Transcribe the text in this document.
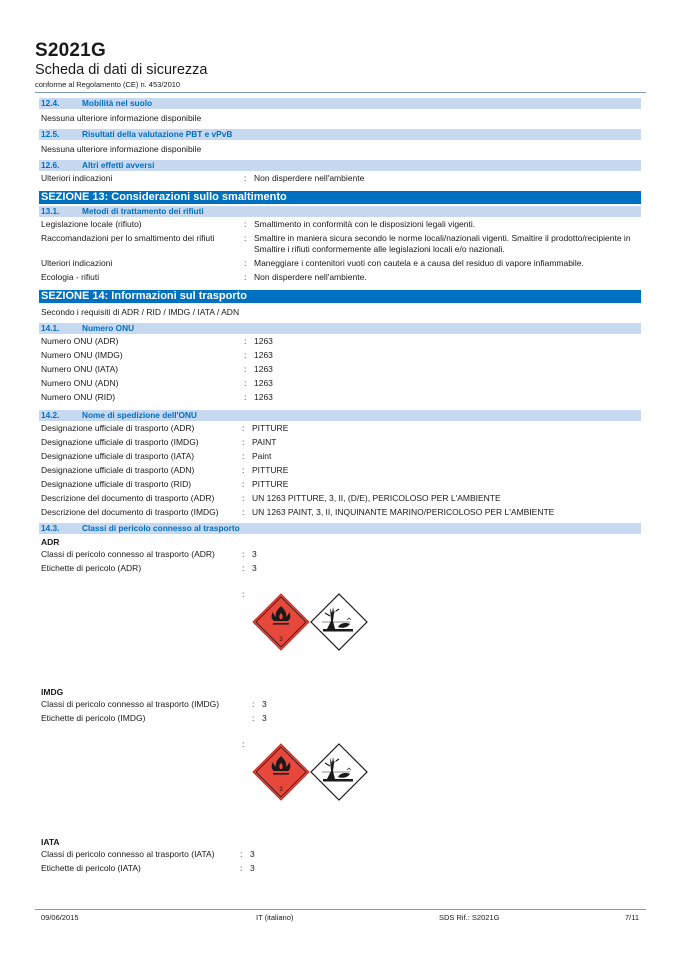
S2021G
Scheda di dati di sicurezza
conforme al Regolamento (CE) n. 453/2010
12.4.	Mobilità nel suolo
Nessuna ulteriore informazione disponibile
12.5.	Risultati della valutazione PBT e vPvB
Nessuna ulteriore informazione disponibile
12.6.	Altri effetti avversi
Ulteriori indicazioni	: Non disperdere nell'ambiente
SEZIONE 13: Considerazioni sullo smaltimento
13.1.	Metodi di trattamento dei rifiuti
Legislazione locale (rifiuto)	: Smaltimento in conformità con le disposizioni legali vigenti.
Raccomandazioni per lo smaltimento dei rifiuti	: Smaltire in maniera sicura secondo le norme locali/nazionali vigenti. Smaltire il prodotto/recipiente in Smaltire i rifiuti conformemente alle legislazioni locali e/o nazionali.
Ulteriori indicazioni	: Maneggiare i contenitori vuoti con cautela e a causa del residuo di vapore infiammabile.
Ecologia - rifiuti	: Non disperdere nell'ambiente.
SEZIONE 14: Informazioni sul trasporto
Secondo i requisiti di ADR / RID / IMDG / IATA / ADN
14.1.	Numero ONU
Numero ONU (ADR)	: 1263
Numero ONU (IMDG)	: 1263
Numero ONU (IATA)	: 1263
Numero ONU (ADN)	: 1263
Numero ONU (RID)	: 1263
14.2.	Nome di spedizione dell'ONU
Designazione ufficiale di trasporto (ADR)	: PITTURE
Designazione ufficiale di trasporto (IMDG)	: PAINT
Designazione ufficiale di trasporto (IATA)	: Paint
Designazione ufficiale di trasporto (ADN)	: PITTURE
Designazione ufficiale di trasporto (RID)	: PITTURE
Descrizione del documento di trasporto (ADR)	: UN 1263 PITTURE, 3, II, (D/E), PERICOLOSO PER L'AMBIENTE
Descrizione del documento di trasporto (IMDG)	: UN 1263 PAINT, 3, II, INQUINANTE MARINO/PERICOLOSO PER L'AMBIENTE
14.3.	Classi di pericolo connesso al trasporto
ADR
Classi di pericolo connesso al trasporto (ADR)	: 3
Etichette di pericolo (ADR)	: 3
:
3
IMDG
Classi di pericolo connesso al trasporto (IMDG)	: 3
Etichette di pericolo (IMDG)	: 3
:
3
IATA
Classi di pericolo connesso al trasporto (IATA)	: 3
Etichette di pericolo (IATA)	: 3
09/06/2015	IT (italiano)	SDS Rif.: S2021G	7/11
